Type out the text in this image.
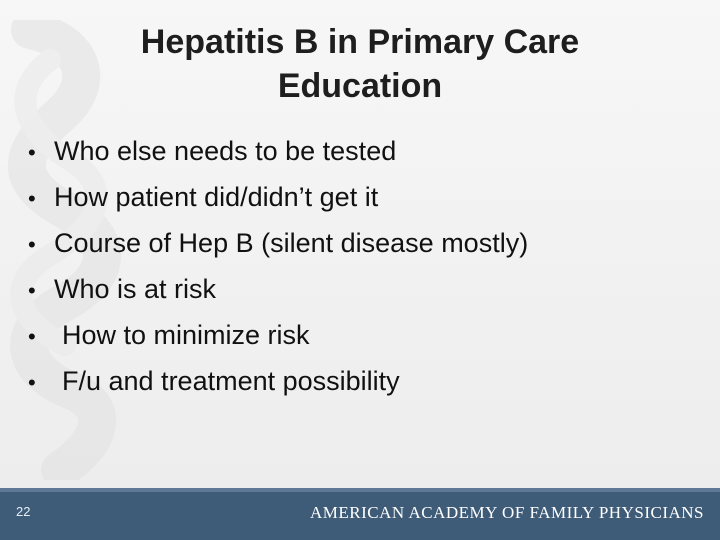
Hepatitis B in Primary Care
Education
• Who else needs to be tested
• How patient did/didn’t get it
• Course of Hep B (silent disease mostly)
• Who is at risk
• How to minimize risk
• F/u and treatment possibility
22	AMERICAN ACADEMY OF FAMILY PHYSICIANS
